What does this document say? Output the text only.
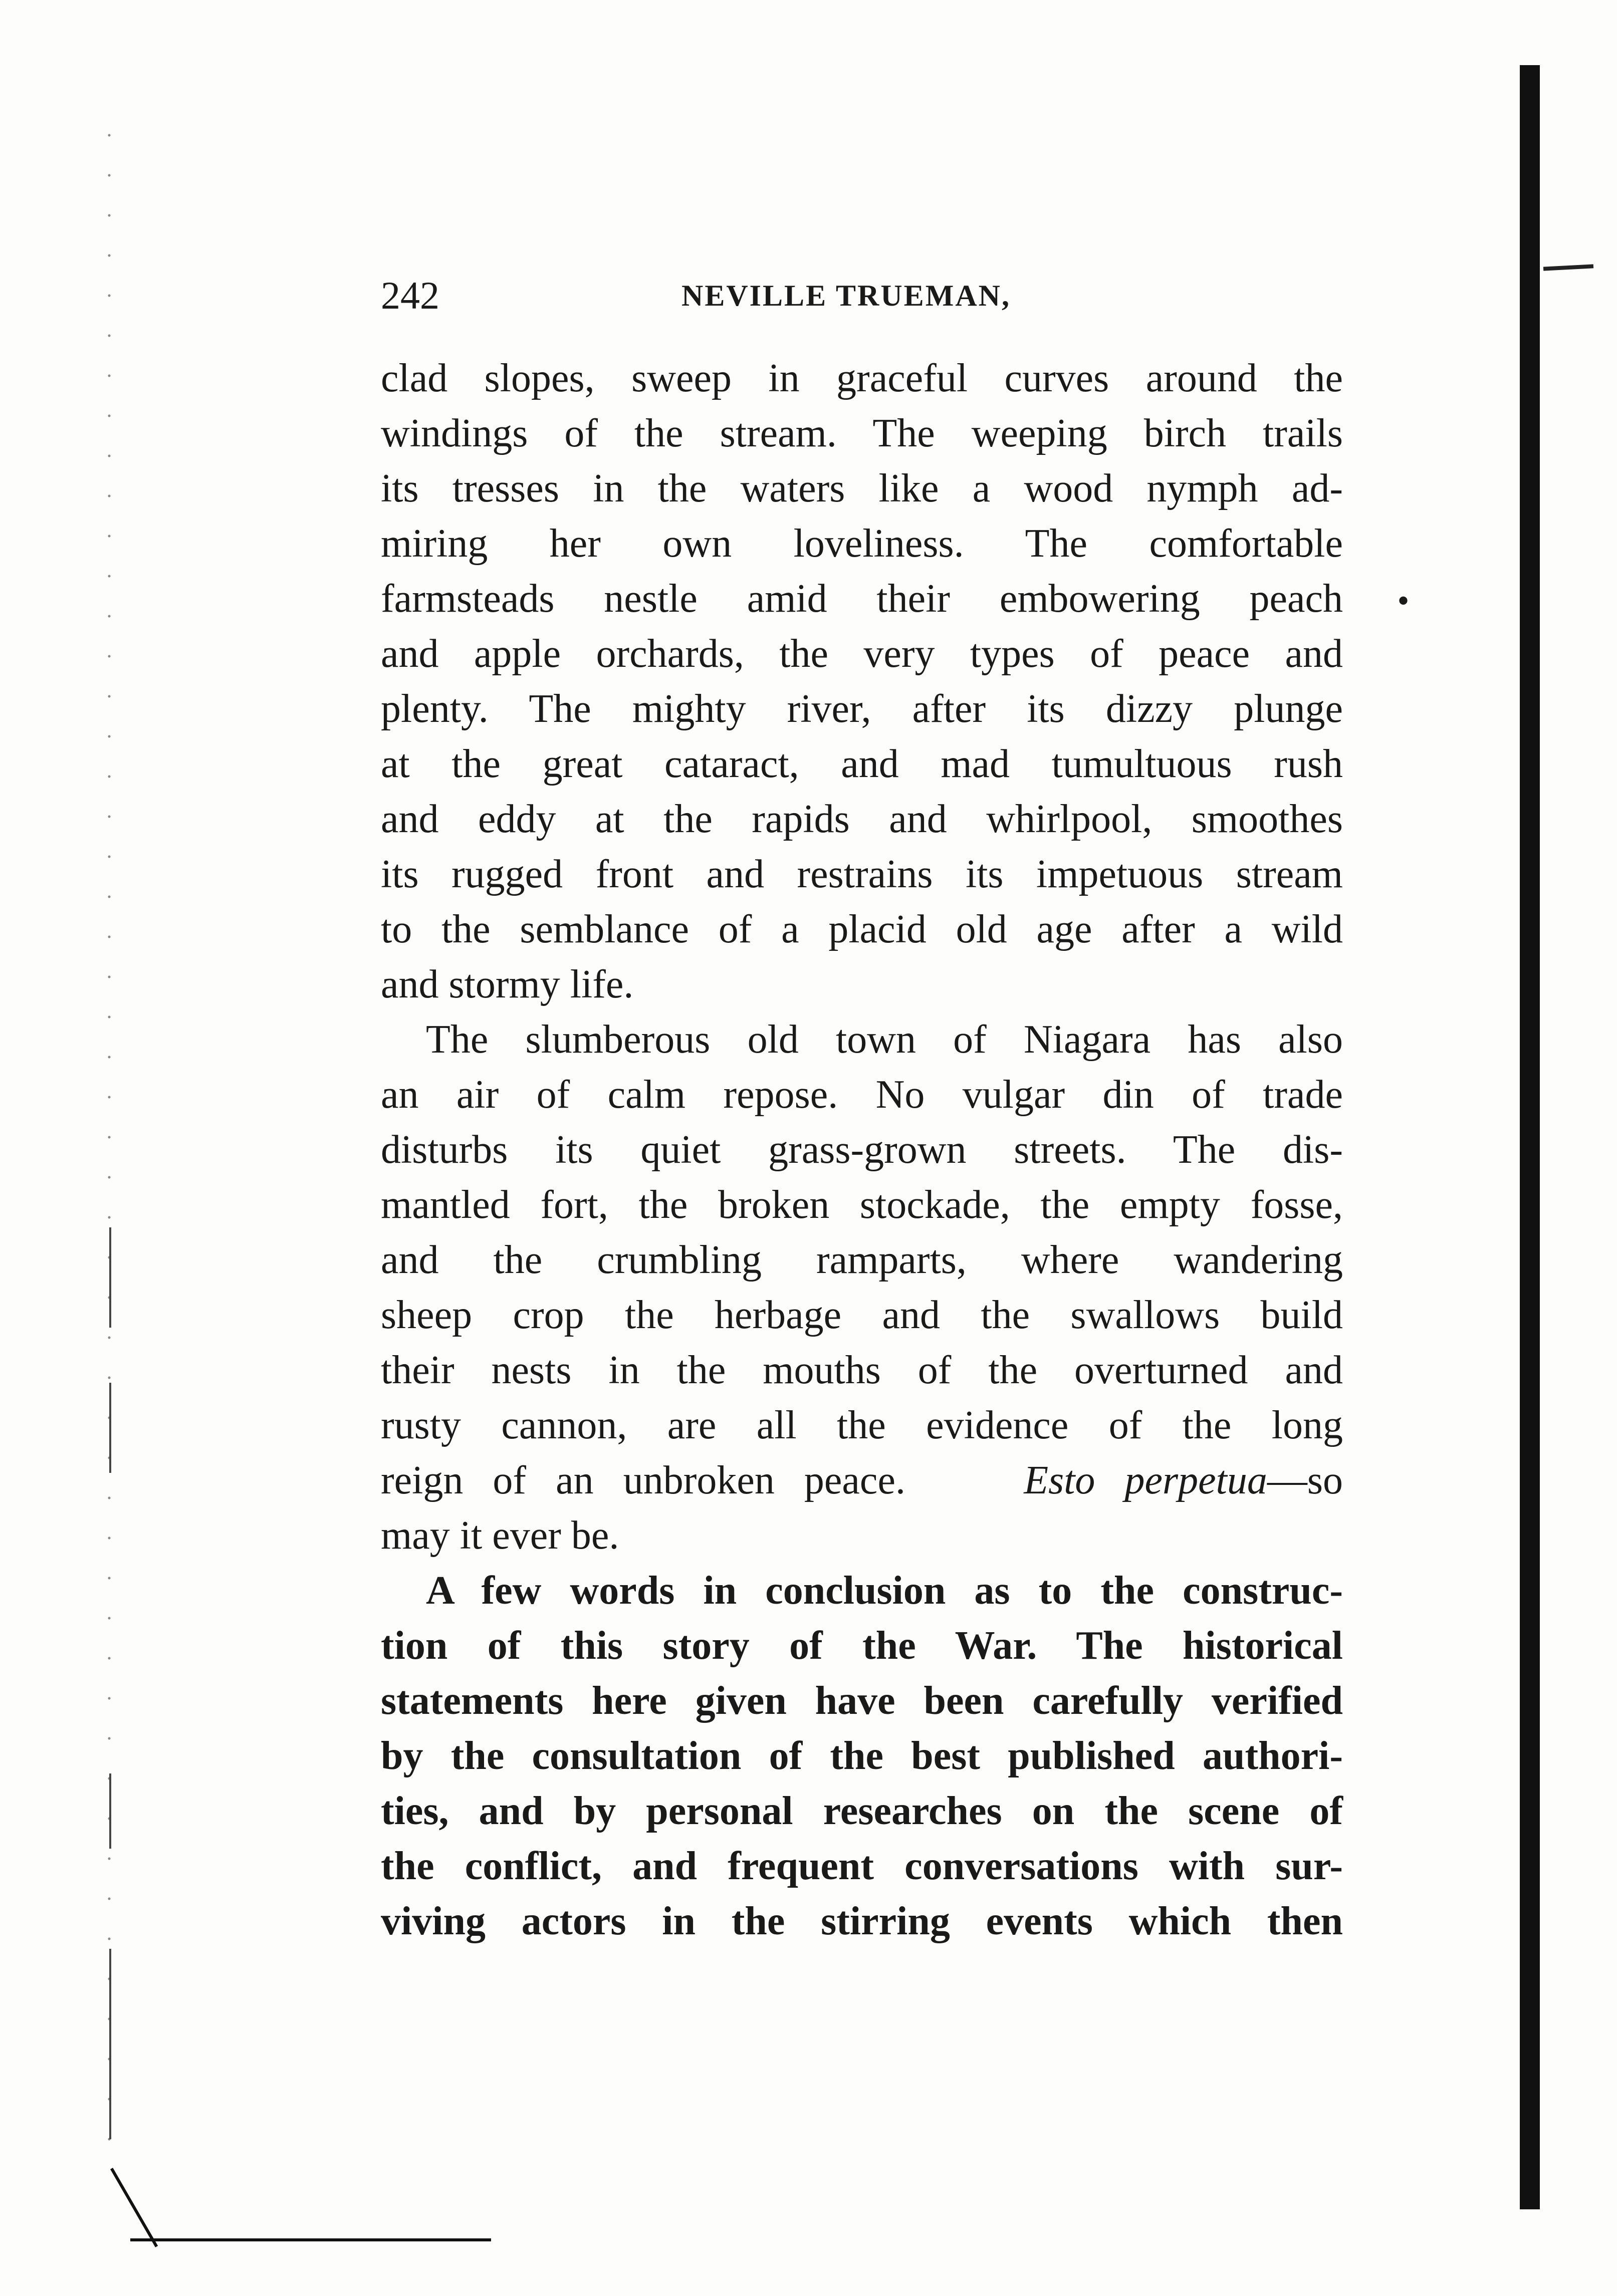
•
242	NEVILLE TRUEMAN,
clad slopes, sweep in graceful curves around the
windings of the stream. The weeping birch trails
its tresses in the waters like a wood nymph ad-
miring her own loveliness. The comfortable
farmsteads nestle amid their embowering peach
and apple orchards, the very types of peace and
plenty. The mighty river, after its dizzy plunge
at the great cataract, and mad tumultuous rush
and eddy at the rapids and whirlpool, smoothes
its rugged front and restrains its impetuous stream
to the semblance of a placid old age after a wild
and stormy life.
The slumberous old town of Niagara has also
an air of calm repose. No vulgar din of trade
disturbs its quiet grass-grown streets. The dis-
mantled fort, the broken stockade, the empty fosse,
and the crumbling ramparts, where wandering
sheep crop the herbage and the swallows build
their nests in the mouths of the overturned and
rusty cannon, are all the evidence of the long
reign of an unbroken peace.	Esto perpetua—so
may it ever be.
A few words in conclusion as to the construc-
tion of this story of the War. The historical
statements here given have been carefully verified
by the consultation of the best published authori-
ties, and by personal researches on the scene of
the conflict, and frequent conversations with sur-
viving actors in the stirring events which then
